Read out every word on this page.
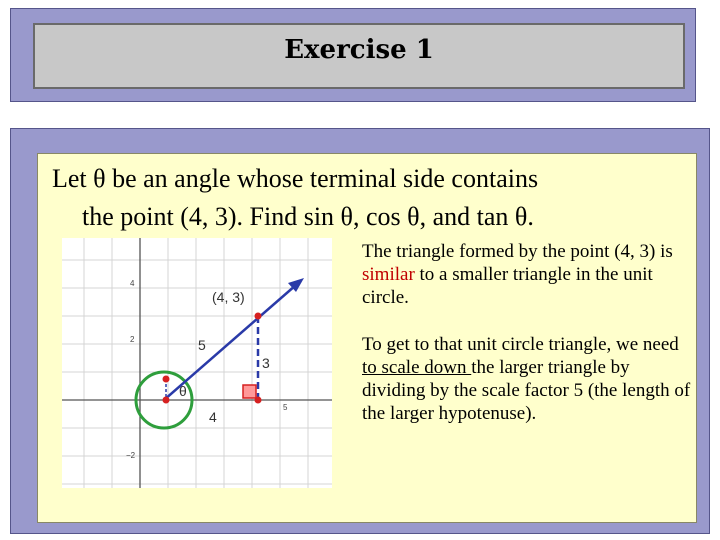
Exercise 1
Let θ be an angle whose terminal side contains
the point (4, 3). Find sin θ, cos θ, and tan θ.
4
2
−2
5
(4, 3)
5
3
4
θ

The triangle formed by the point (4, 3) is similar to a smaller triangle in the unit circle.

To get to that unit circle triangle, we need to scale down the larger triangle by dividing by the scale factor 5 (the length of the larger hypotenuse).
